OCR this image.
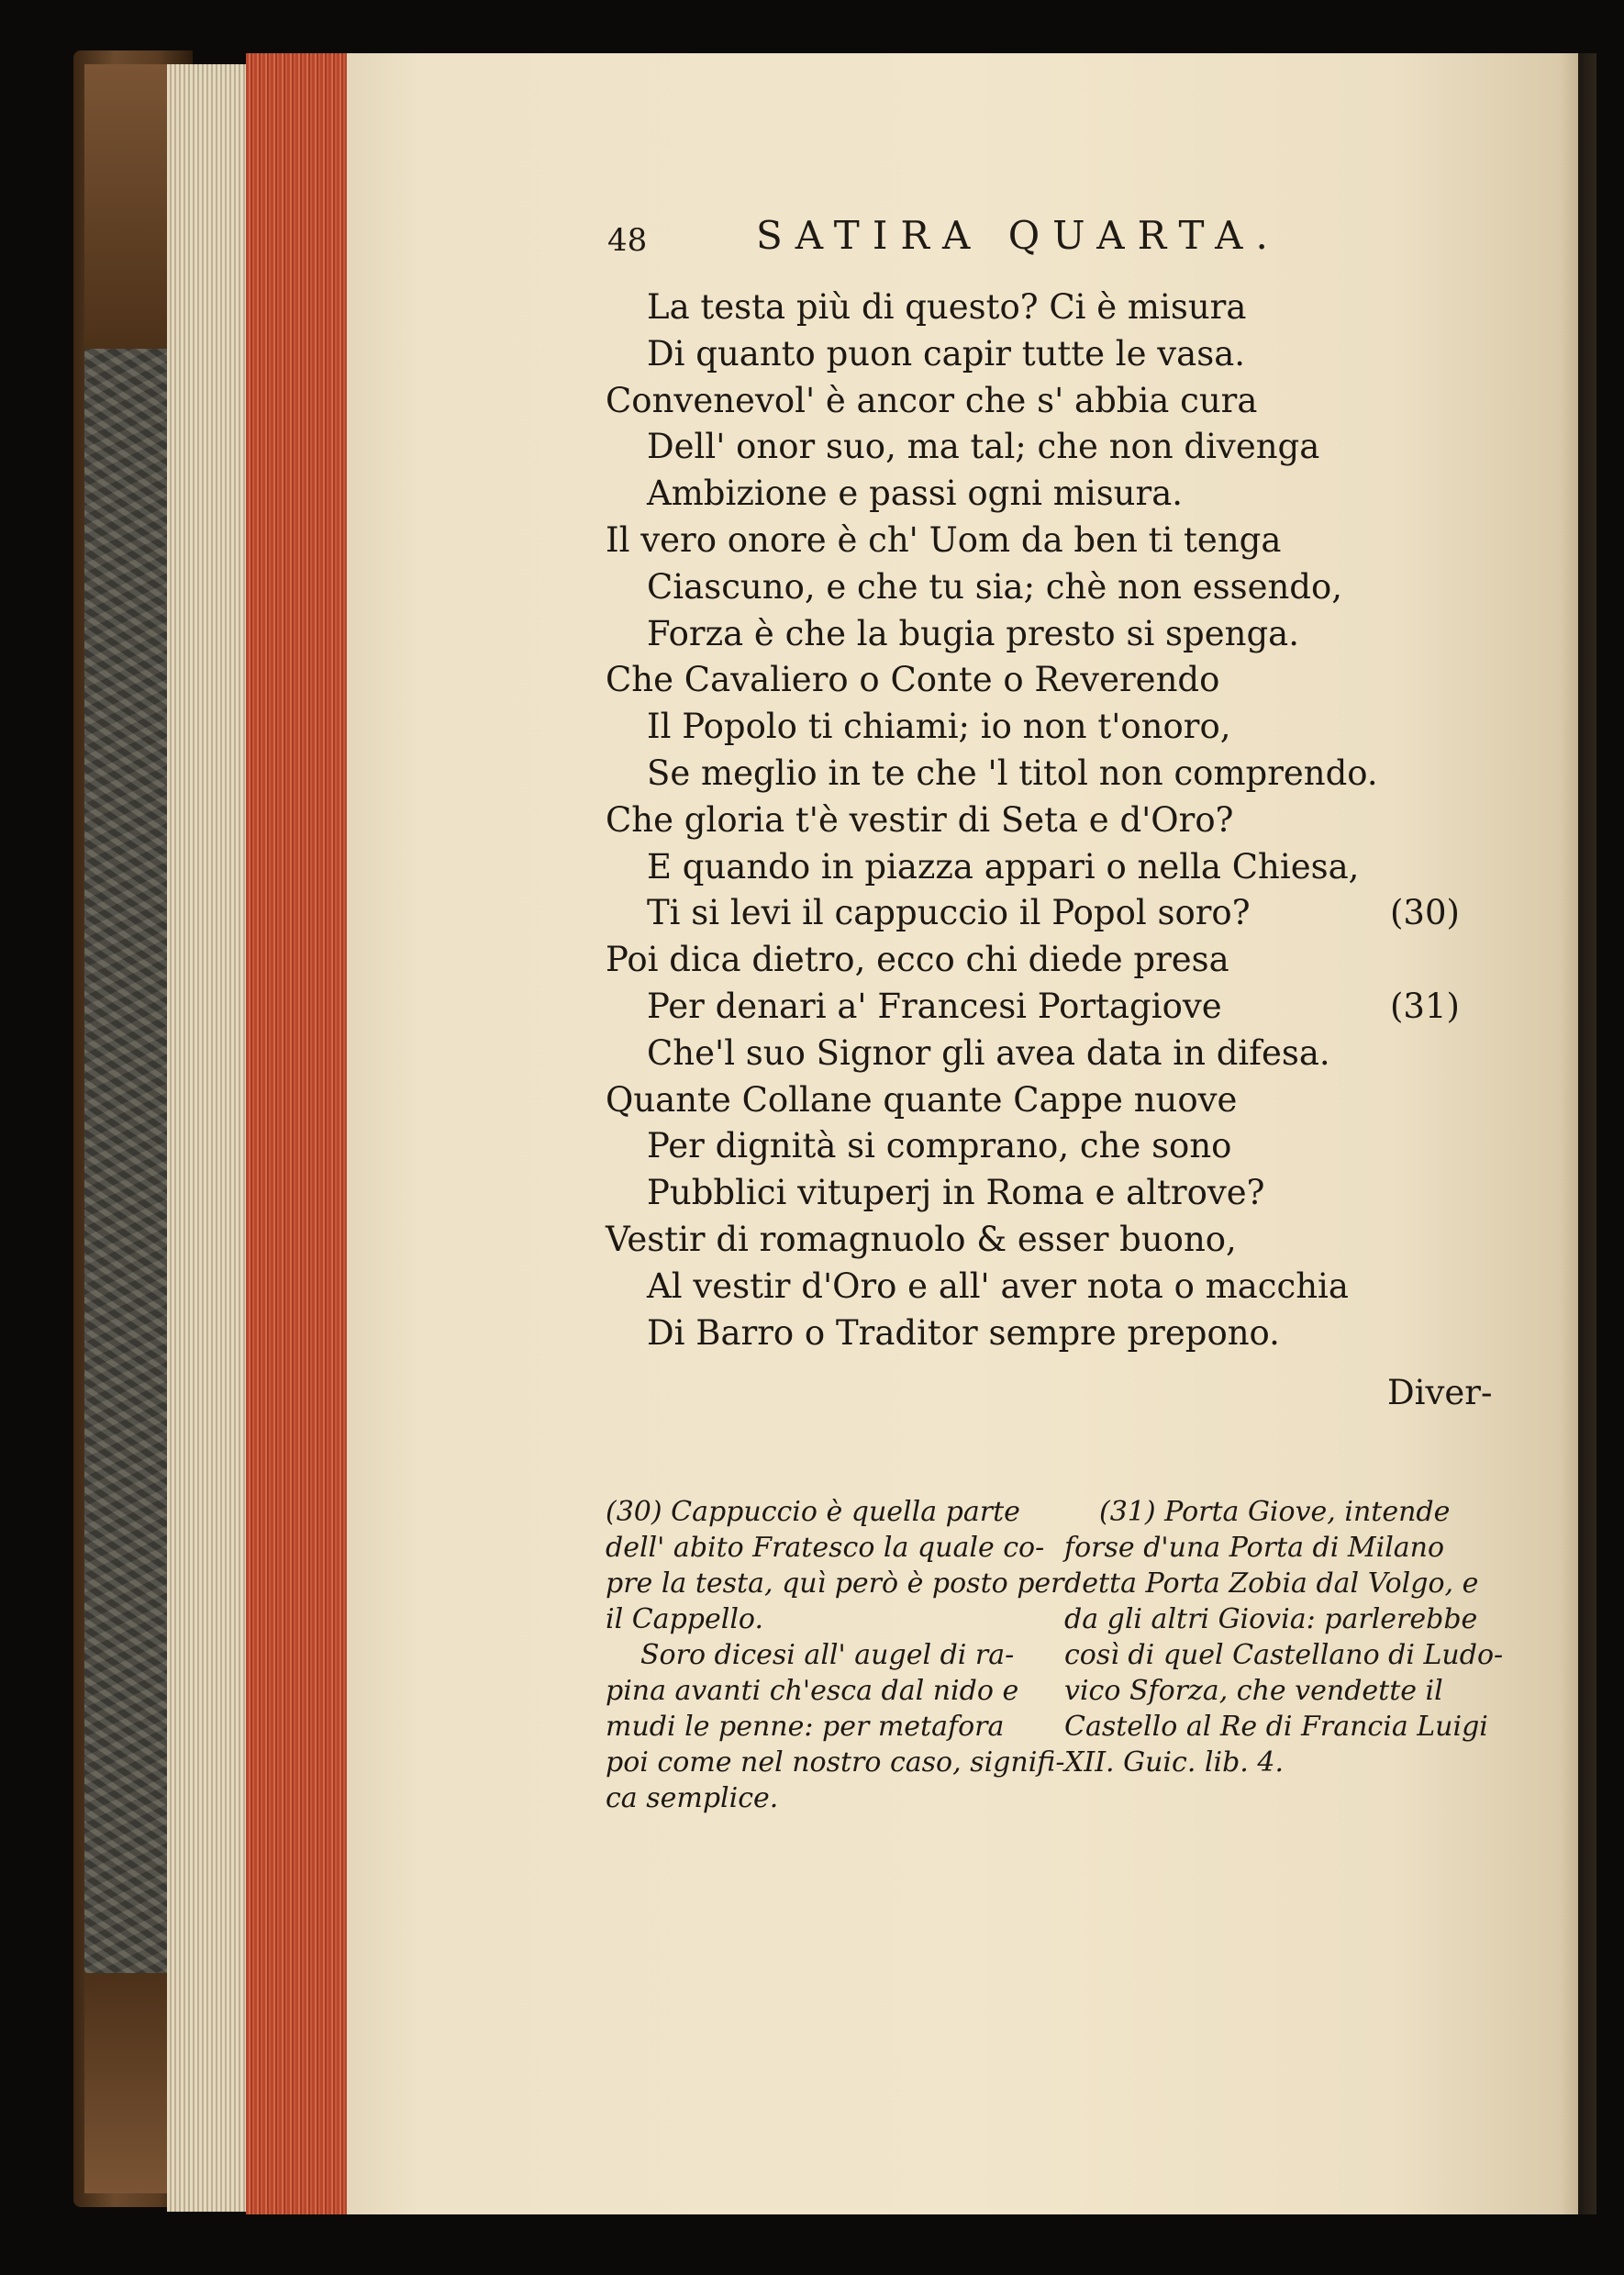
48	SATIRA QUARTA.
La testa più di questo? Ci è misura
Di quanto puon capir tutte le vasa.
Convenevol' è ancor che s' abbia cura
Dell' onor suo, ma tal; che non divenga
Ambizione e passi ogni misura.
Il vero onore è ch' Uom da ben ti tenga
Ciascuno, e che tu sia; chè non essendo,
Forza è che la bugia presto si spenga.
Che Cavaliero o Conte o Reverendo
Il Popolo ti chiami; io non t'onoro,
Se meglio in te che 'l titol non comprendo.
Che gloria t'è vestir di Seta e d'Oro?
E quando in piazza appari o nella Chiesa,
Ti si levi il cappuccio il Popol soro?	(30)
Poi dica dietro, ecco chi diede presa
Per denari a' Francesi Portagiove	(31)
Che'l suo Signor gli avea data in difesa.
Quante Collane quante Cappe nuove
Per dignità si comprano, che sono
Pubblici vituperj in Roma e altrove?
Vestir di romagnuolo & esser buono,
Al vestir d'Oro e all' aver nota o macchia
Di Barro o Traditor sempre prepono.
Diver-
(30) Cappuccio è quella parte
dell' abito Fratesco la quale co-
pre la testa, quì però è posto per
il Cappello.
Soro dicesi all' augel di ra-
pina avanti ch'esca dal nido e
mudi le penne: per metafora
poi come nel nostro caso, signifi-
ca semplice.
(31) Porta Giove, intende
forse d'una Porta di Milano
detta Porta Zobia dal Volgo, e
da gli altri Giovia: parlerebbe
così di quel Castellano di Ludo-
vico Sforza, che vendette il
Castello al Re di Francia Luigi
XII. Guic. lib. 4.
